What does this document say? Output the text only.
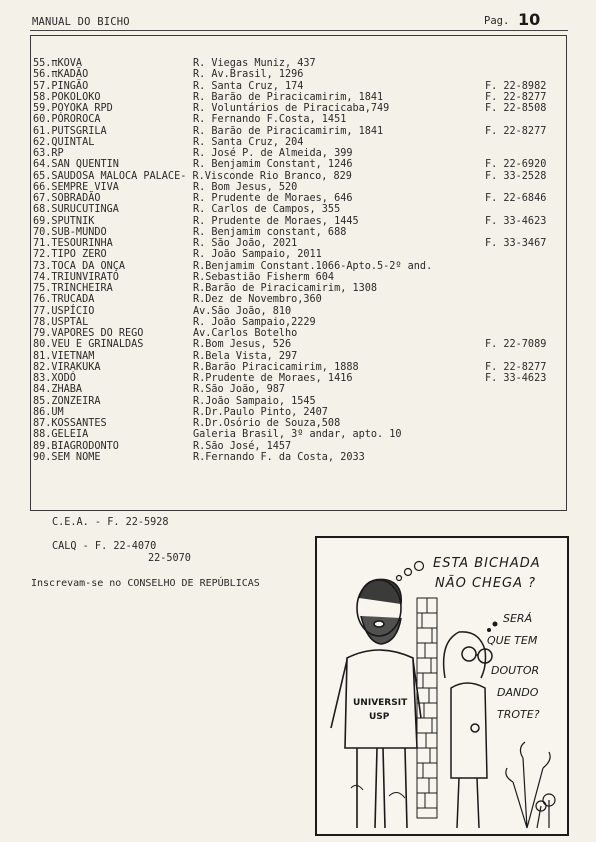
MANUAL DO BICHO	Pag. 10
55.πKOVA	R. Viegas Muniz, 437
56.πKADÃO	R. Av.Brasil, 1296
57.PINGÃO	R. Santa Cruz, 174	F. 22-8982
58.POKOLOKO	R. Barão de Piracicamirim, 1841	F. 22-8277
59.POYOKA RPD	R. Voluntários de Piracicaba,749	F. 22-8508
60.PÓROROCA	R. Fernando F.Costa, 1451
61.PUTSGRILA	R. Barão de Piracicamirim, 1841	F. 22-8277
62.QUINTAL	R. Santa Cruz, 204
63.RP	R. José P. de Almeida, 399
64.SAN QUENTIN	R. Benjamim Constant, 1246	F. 22-6920
65.SAUDOSA MALOCA PALACE- R.Visconde Rio Branco, 829	F. 33-2528
66.SEMPRE VIVA	R. Bom Jesus, 520
67.SOBRADÃO	R. Prudente de Moraes, 646	F. 22-6846
68.SURUCUTINGA	R. Carlos de Campos, 355
69.SPUTNIK	R. Prudente de Moraes, 1445	F. 33-4623
70.SUB-MUNDO	R. Benjamim constant, 688
71.TESOURINHA	R. São João, 2021	F. 33-3467
72.TIPO ZERO	R. João Sampaio, 2011
73.TOCA DA ONÇA	R.Benjamim Constant.1066-Apto.5-2º and.
74.TRIUNVIRATO	R.Sebastião Fisherm 604
75.TRINCHEIRA	R.Barão de Piracicamirim, 1308
76.TRUCADA	R.Dez de Novembro,360
77.USPÍCIO	Av.São João, 810
78.USPTAL	R. João Sampaio,2229
79.VAPORES DO REGO	Av.Carlos Botelho
80.VEU E GRINALDAS	R.Bom Jesus, 526	F. 22-7089
81.VIETNAM	R.Bela Vista, 297
82.VIRAKUKA	R.Barão Piracicamirim, 1888	F. 22-8277
83.XODÓ	R.Prudente de Moraes, 1416	F. 33-4623
84.ZHABA	R.São João, 987
85.ZONZEIRA	R.João Sampaio, 1545
86.UM	R.Dr.Paulo Pinto, 2407
87.KOSSANTES	R.Dr.Osório de Souza,508
88.GELEIA	Galeria Brasil, 3º andar, apto. 10
89.BIAGRODONTO	R.São José, 1457
90.SEM NOME	R.Fernando F. da Costa, 2033
C.E.A. - F. 22-5928
CALQ - F. 22-4070
22-5070
Inscrevam-se no CONSELHO DE REPÚBLICAS
ESTA BICHADA
NÃO CHEGA ?
SERÁ
QUE TEM
DOUTOR
DANDO
TROTE?
UNIVERSIT
USP
